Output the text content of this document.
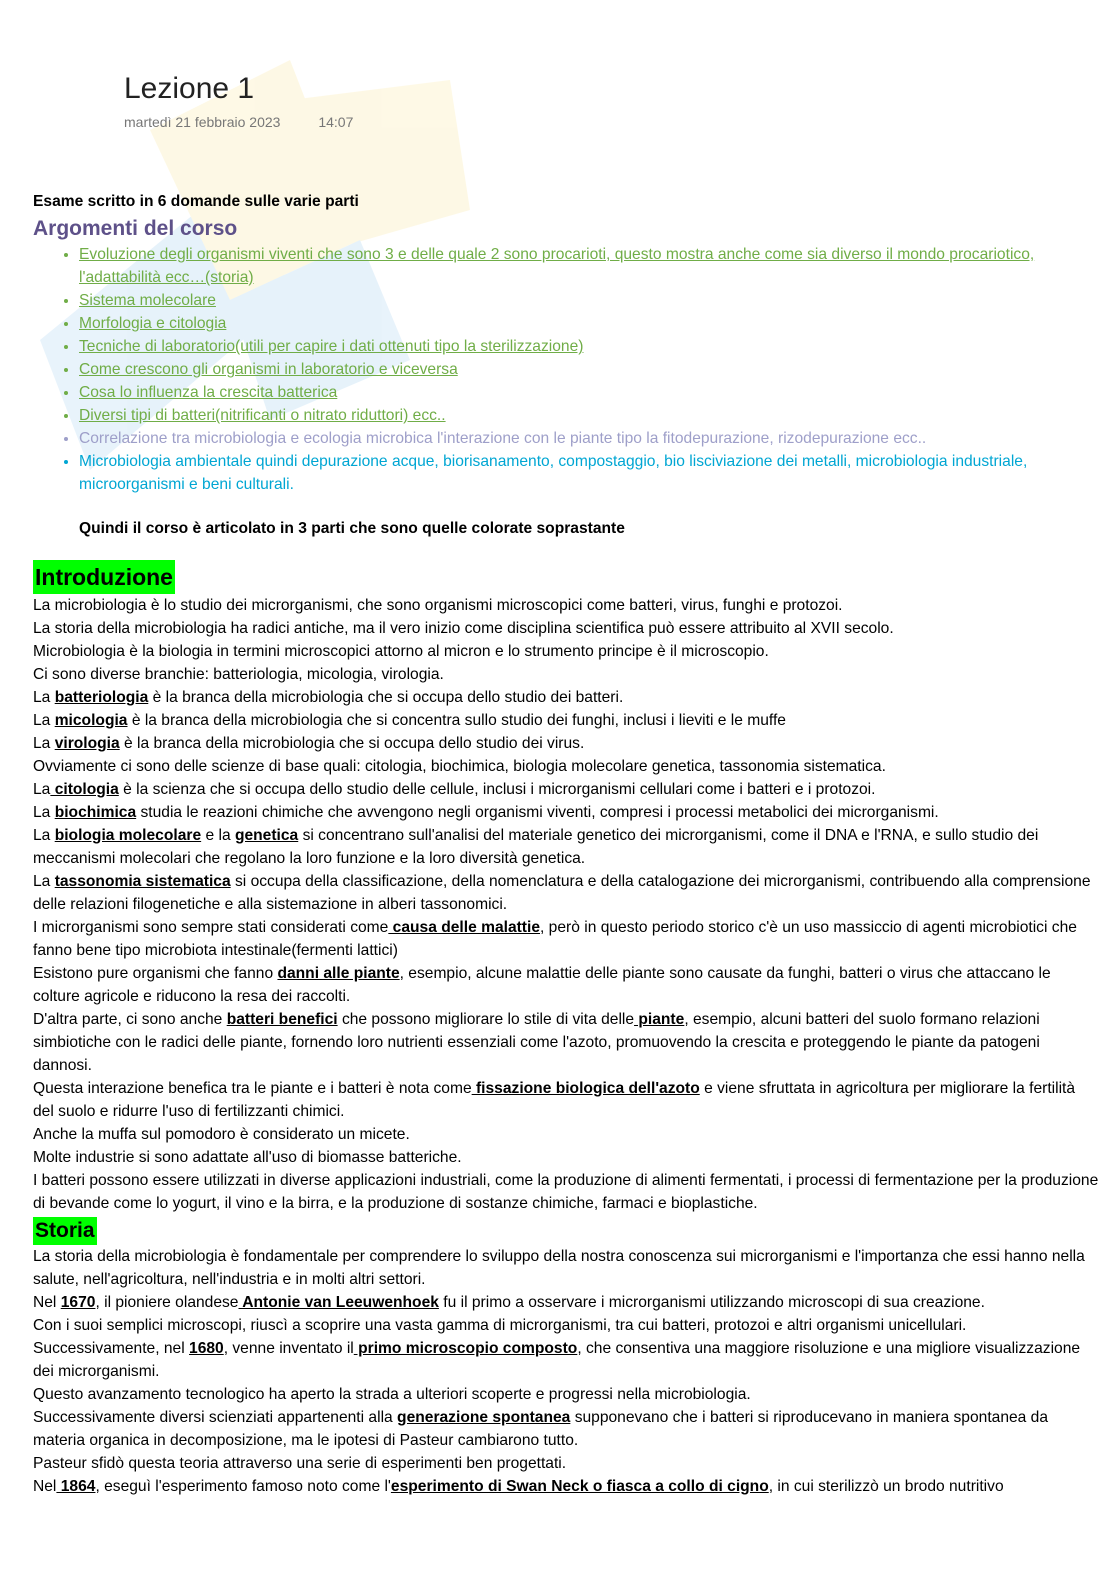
Lezione 1
martedì 21 febbraio 2023	14:07

Esame scritto in 6 domande sulle varie parti

Argomenti del corso
• Evoluzione degli organismi viventi che sono 3 e delle quale 2 sono procarioti, questo mostra anche come sia diverso il mondo procariotico, l'adattabilità ecc…(storia)
• Sistema molecolare
• Morfologia e citologia
• Tecniche di laboratorio(utili per capire i dati ottenuti tipo la sterilizzazione)
• Come crescono gli organismi in laboratorio e viceversa
• Cosa lo influenza la crescita batterica
• Diversi tipi di batteri(nitrificanti o nitrato riduttori) ecc..
• Correlazione tra microbiologia e ecologia microbica l'interazione con le piante tipo la fitodepurazione, rizodepurazione ecc..
• Microbiologia ambientale quindi depurazione acque, biorisanamento, compostaggio, bio lisciviazione dei metalli, microbiologia industriale, microorganismi e beni culturali.

Quindi il corso è articolato in 3 parti che sono quelle colorate soprastante

Introduzione

La microbiologia è lo studio dei microrganismi, che sono organismi microscopici come batteri, virus, funghi e protozoi.

La storia della microbiologia ha radici antiche, ma il vero inizio come disciplina scientifica può essere attribuito al XVII secolo.

Microbiologia è la biologia in termini microscopici attorno al micron e lo strumento principe è il microscopio.

Ci sono diverse branchie: batteriologia, micologia, virologia.

La batteriologia è la branca della microbiologia che si occupa dello studio dei batteri.

La micologia è la branca della microbiologia che si concentra sullo studio dei funghi, inclusi i lieviti e le muffe

La virologia è la branca della microbiologia che si occupa dello studio dei virus.

Ovviamente ci sono delle scienze di base quali: citologia, biochimica, biologia molecolare genetica, tassonomia sistematica.

La citologia è la scienza che si occupa dello studio delle cellule, inclusi i microrganismi cellulari come i batteri e i protozoi.

La biochimica studia le reazioni chimiche che avvengono negli organismi viventi, compresi i processi metabolici dei microrganismi.

La biologia molecolare e la genetica si concentrano sull'analisi del materiale genetico dei microrganismi, come il DNA e l'RNA, e sullo studio dei meccanismi molecolari che regolano la loro funzione e la loro diversità genetica.

La tassonomia sistematica si occupa della classificazione, della nomenclatura e della catalogazione dei microrganismi, contribuendo alla comprensione delle relazioni filogenetiche e alla sistemazione in alberi tassonomici.

I microrganismi sono sempre stati considerati come causa delle malattie, però in questo periodo storico c'è un uso massiccio di agenti microbiotici che fanno bene tipo microbiota intestinale(fermenti lattici)

Esistono pure organismi che fanno danni alle piante, esempio, alcune malattie delle piante sono causate da funghi, batteri o virus che attaccano le colture agricole e riducono la resa dei raccolti.

D'altra parte, ci sono anche batteri benefici che possono migliorare lo stile di vita delle piante, esempio, alcuni batteri del suolo formano relazioni simbiotiche con le radici delle piante, fornendo loro nutrienti essenziali come l'azoto, promuovendo la crescita e proteggendo le piante da patogeni dannosi.

Questa interazione benefica tra le piante e i batteri è nota come fissazione biologica dell'azoto e viene sfruttata in agricoltura per migliorare la fertilità del suolo e ridurre l'uso di fertilizzanti chimici.

Anche la muffa sul pomodoro è considerato un micete.

Molte industrie si sono adattate all'uso di biomasse batteriche.

I batteri possono essere utilizzati in diverse applicazioni industriali, come la produzione di alimenti fermentati, i processi di fermentazione per la produzione di bevande come lo yogurt, il vino e la birra, e la produzione di sostanze chimiche, farmaci e bioplastiche.

Storia

La storia della microbiologia è fondamentale per comprendere lo sviluppo della nostra conoscenza sui microrganismi e l'importanza che essi hanno nella salute, nell'agricoltura, nell'industria e in molti altri settori.

Nel 1670, il pioniere olandese Antonie van Leeuwenhoek fu il primo a osservare i microrganismi utilizzando microscopi di sua creazione.

Con i suoi semplici microscopi, riuscì a scoprire una vasta gamma di microrganismi, tra cui batteri, protozoi e altri organismi unicellulari.

Successivamente, nel 1680, venne inventato il primo microscopio composto, che consentiva una maggiore risoluzione e una migliore visualizzazione dei microrganismi.

Questo avanzamento tecnologico ha aperto la strada a ulteriori scoperte e progressi nella microbiologia.

Successivamente diversi scienziati appartenenti alla generazione spontanea supponevano che i batteri si riproducevano in maniera spontanea da materia organica in decomposizione, ma le ipotesi di Pasteur cambiarono tutto.

Pasteur sfidò questa teoria attraverso una serie di esperimenti ben progettati.

Nel 1864, eseguì l'esperimento famoso noto come l'esperimento di Swan Neck o fiasca a collo di cigno, in cui sterilizzò un brodo nutritivo
